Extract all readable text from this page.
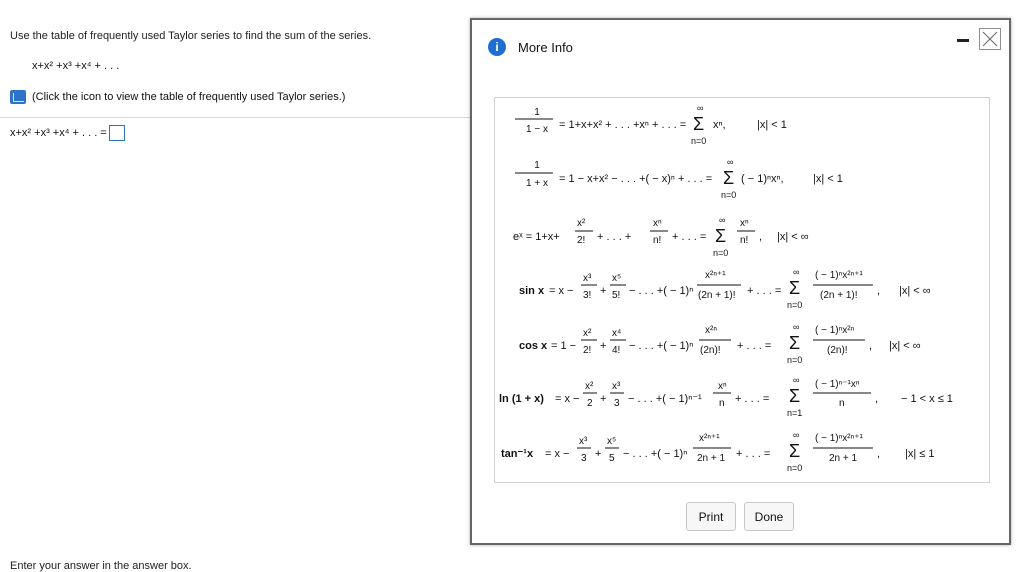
Use the table of frequently used Taylor series to find the sum of the series.
x+x² +x³ +x⁴ + . . .
(Click the icon to view the table of frequently used Taylor series.)
x+x² +x³ +x⁴ + . . . =
Enter your answer in the answer box.
i	More Info
1
1 − x = 1+x+x² + . . . +xⁿ + . . . =
∞
Σ
n=0
xⁿ,	|x| < 1
1
1 + x = 1 − x+x² − . . . +( − x)ⁿ + . . . =
∞
Σ
n=0
( − 1)ⁿxⁿ,	|x| < 1
eˣ = 1+x+
x²
2! + . . . +
xⁿ
n! + . . . =
∞
Σ
n=0
xⁿ
n! , |x| < ∞
sin x = x −
x³
3! +
x⁵
5! − . . . +( − 1)ⁿ
x²ⁿ⁺¹
(2n + 1)! + . . . =
∞
Σ
n=0
( − 1)ⁿx²ⁿ⁺¹
(2n + 1)! , |x| < ∞
cos x = 1 −
x²
2! +
x⁴
4! − . . . +( − 1)ⁿ
x²ⁿ
(2n)! + . . . =
∞
Σ
n=0
( − 1)ⁿx²ⁿ
(2n)! , |x| < ∞
ln (1 + x) = x −
x²
2 +
x³
3 − . . . +( − 1)ⁿ⁻¹
xⁿ
n + . . . =
∞
Σ
n=1
( − 1)ⁿ⁻¹xⁿ
n	, − 1 < x ≤ 1
tan⁻¹x = x −
x³
3 +
x⁵
5 − . . . +( − 1)ⁿ
x²ⁿ⁺¹
2n + 1 + . . . =
∞
Σ
n=0
( − 1)ⁿx²ⁿ⁺¹
2n + 1 , |x| ≤ 1
Print	Done
